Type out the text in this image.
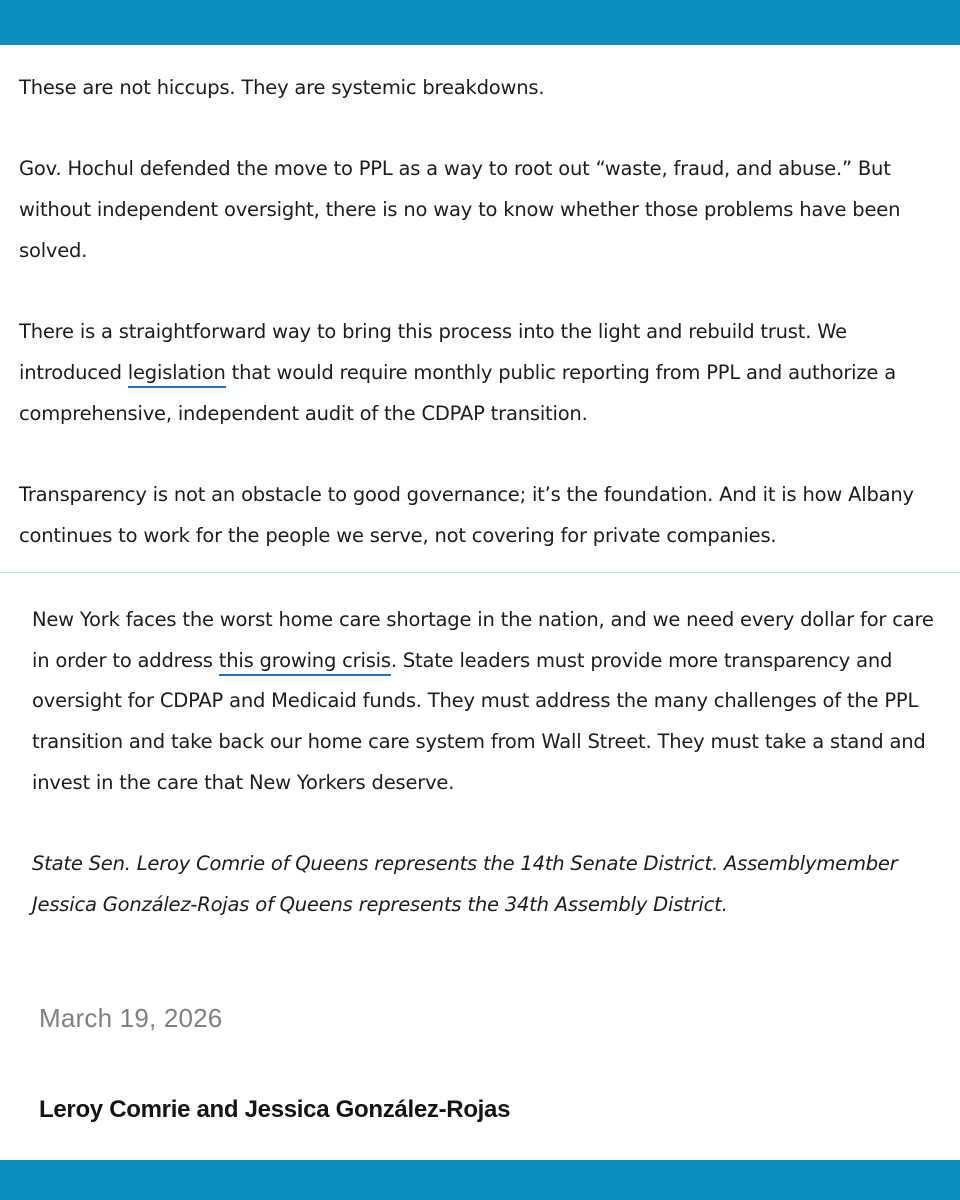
These are not hiccups. They are systemic breakdowns.

Gov. Hochul defended the move to PPL as a way to root out “waste, fraud, and abuse.” But without independent oversight, there is no way to know whether those problems have been solved.

There is a straightforward way to bring this process into the light and rebuild trust. We introduced legislation that would require monthly public reporting from PPL and authorize a comprehensive, independent audit of the CDPAP transition.

Transparency is not an obstacle to good governance; it’s the foundation. And it is how Albany continues to work for the people we serve, not covering for private companies.

New York faces the worst home care shortage in the nation, and we need every dollar for care in order to address this growing crisis. State leaders must provide more transparency and oversight for CDPAP and Medicaid funds. They must address the many challenges of the PPL transition and take back our home care system from Wall Street. They must take a stand and invest in the care that New Yorkers deserve.

State Sen. Leroy Comrie of Queens represents the 14th Senate District. Assemblymember Jessica González-Rojas of Queens represents the 34th Assembly District.

March 19, 2026
Leroy Comrie and Jessica González-Rojas
